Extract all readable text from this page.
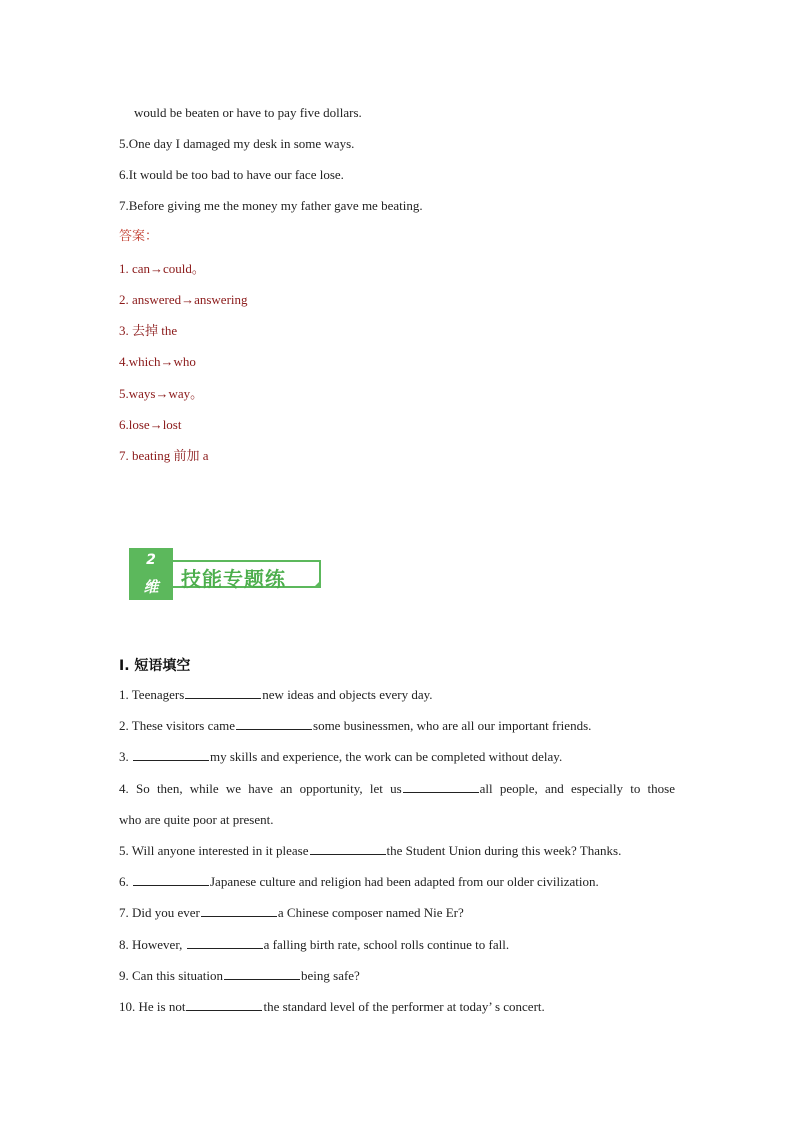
would be beaten or have to pay five dollars.
5.One day I damaged my desk in some ways.
6.It would be too bad to have our face lose.
7.Before giving me the money my father gave me beating.
答案：
1. can→could。
2. answered→answering
3. 去掉 the
4.which→who
5.ways→way。
6.lose→lost
7. beating 前加 a
2
维	技能专题练
I. 短语填空
1. Teenagers	new ideas and objects every day.
2. These visitors came	some businessmen, who are all our important friends.
3.	my skills and experience, the work can be completed without delay.
4. So then, while we have an opportunity, let us	all people, and especially to those
who are quite poor at present.
5. Will anyone interested in it please	the Student Union during this week? Thanks.
6.	Japanese culture and religion had been adapted from our older civilization.
7. Did you ever	a Chinese composer named Nie Er?
8. However,	a falling birth rate, school rolls continue to fall.
9. Can this situation	being safe?
10. He is not	the standard level of the performer at today’ s concert.
